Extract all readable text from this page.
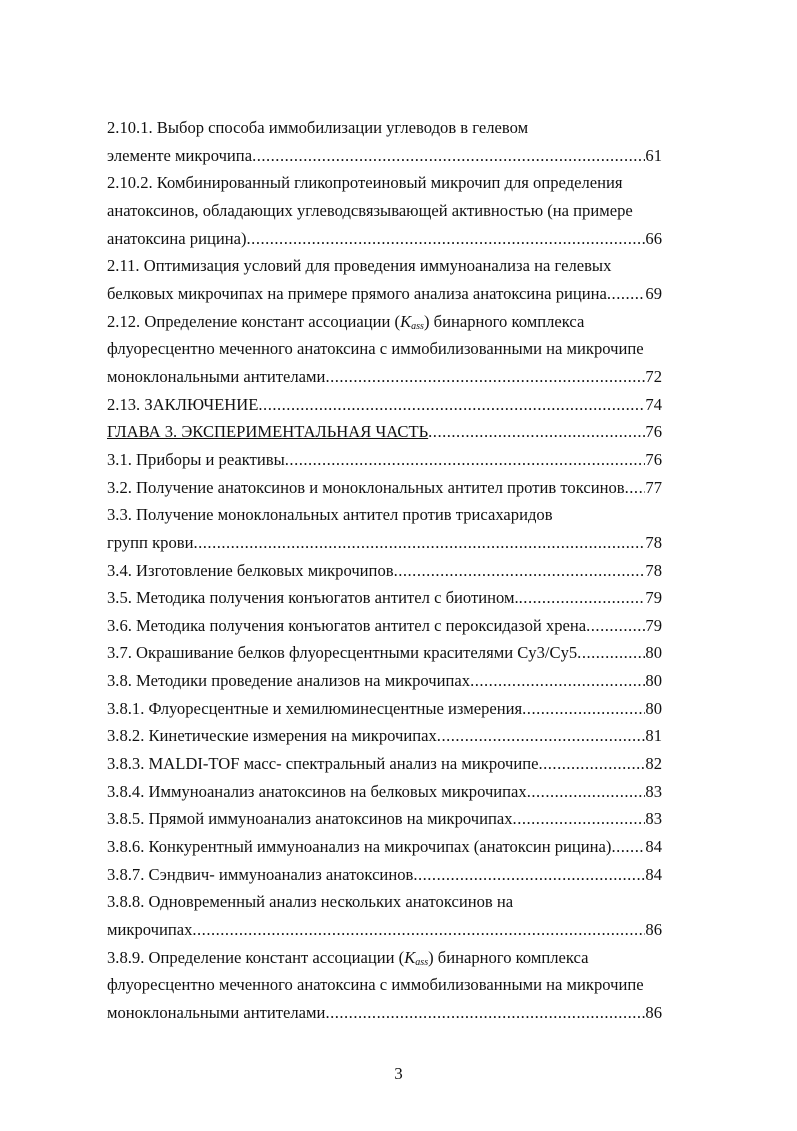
2.10.1. Выбор способа иммобилизации углеводов в гелевом
элементе микрочипа .....	61
2.10.2. Комбинированный гликопротеиновый микрочип для определения
анатоксинов, обладающих углеводсвязывающей активностью (на примере
анатоксина рицина) .....	66
2.11. Оптимизация условий для проведения иммуноанализа на гелевых
белковых микрочипах на примере прямого анализа анатоксина рицина ..... 69
2.12. Определение констант ассоциации $(K_{ass})$ бинарного комплекса
флуоресцентно меченного анатоксина с иммобилизованными на микрочипе
моноклональными антителами .....	72
2.13. ЗАКЛЮЧЕНИЕ .....	74
ГЛАВА 3. ЭКСПЕРИМЕНТАЛЬНАЯ ЧАСТЬ .....	76
3.1. Приборы и реактивы .....	76
3.2. Получение анатоксинов и моноклональных антител против токсинов ..... 77
3.3. Получение моноклональных антител против трисахаридов
групп крови .....	78
3.4. Изготовление белковых микрочипов .....	78
3.5. Методика получения конъюгатов антител с биотином. .....	79
3.6. Методика получения конъюгатов антител с пероксидазой хрена .....	79
3.7. Окрашивание белков флуоресцентными красителями Cy3/Cy5 .....	80
3.8. Методики проведение анализов на микрочипах .....	80
3.8.1. Флуоресцентные и хемилюминесцентные измерения .....	80
3.8.2. Кинетические измерения на микрочипах .....	81
3.8.3. MALDI-TOF масс- спектральный анализ на микрочипе .....	82
3.8.4. Иммуноанализ анатоксинов на белковых микрочипах .....	83
3.8.5. Прямой иммуноанализ анатоксинов на микрочипах .....	83
3.8.6. Конкурентный иммуноанализ на микрочипах (анатоксин рицина) ..... 84
3.8.7. Сэндвич- иммуноанализ анатоксинов .....	84
3.8.8. Одновременный анализ нескольких анатоксинов на
микрочипах .....	86
3.8.9. Определение констант ассоциации $(K_{ass})$ бинарного комплекса
флуоресцентно меченного анатоксина с иммобилизованными на микрочипе
моноклональными антителами .....	86
3
